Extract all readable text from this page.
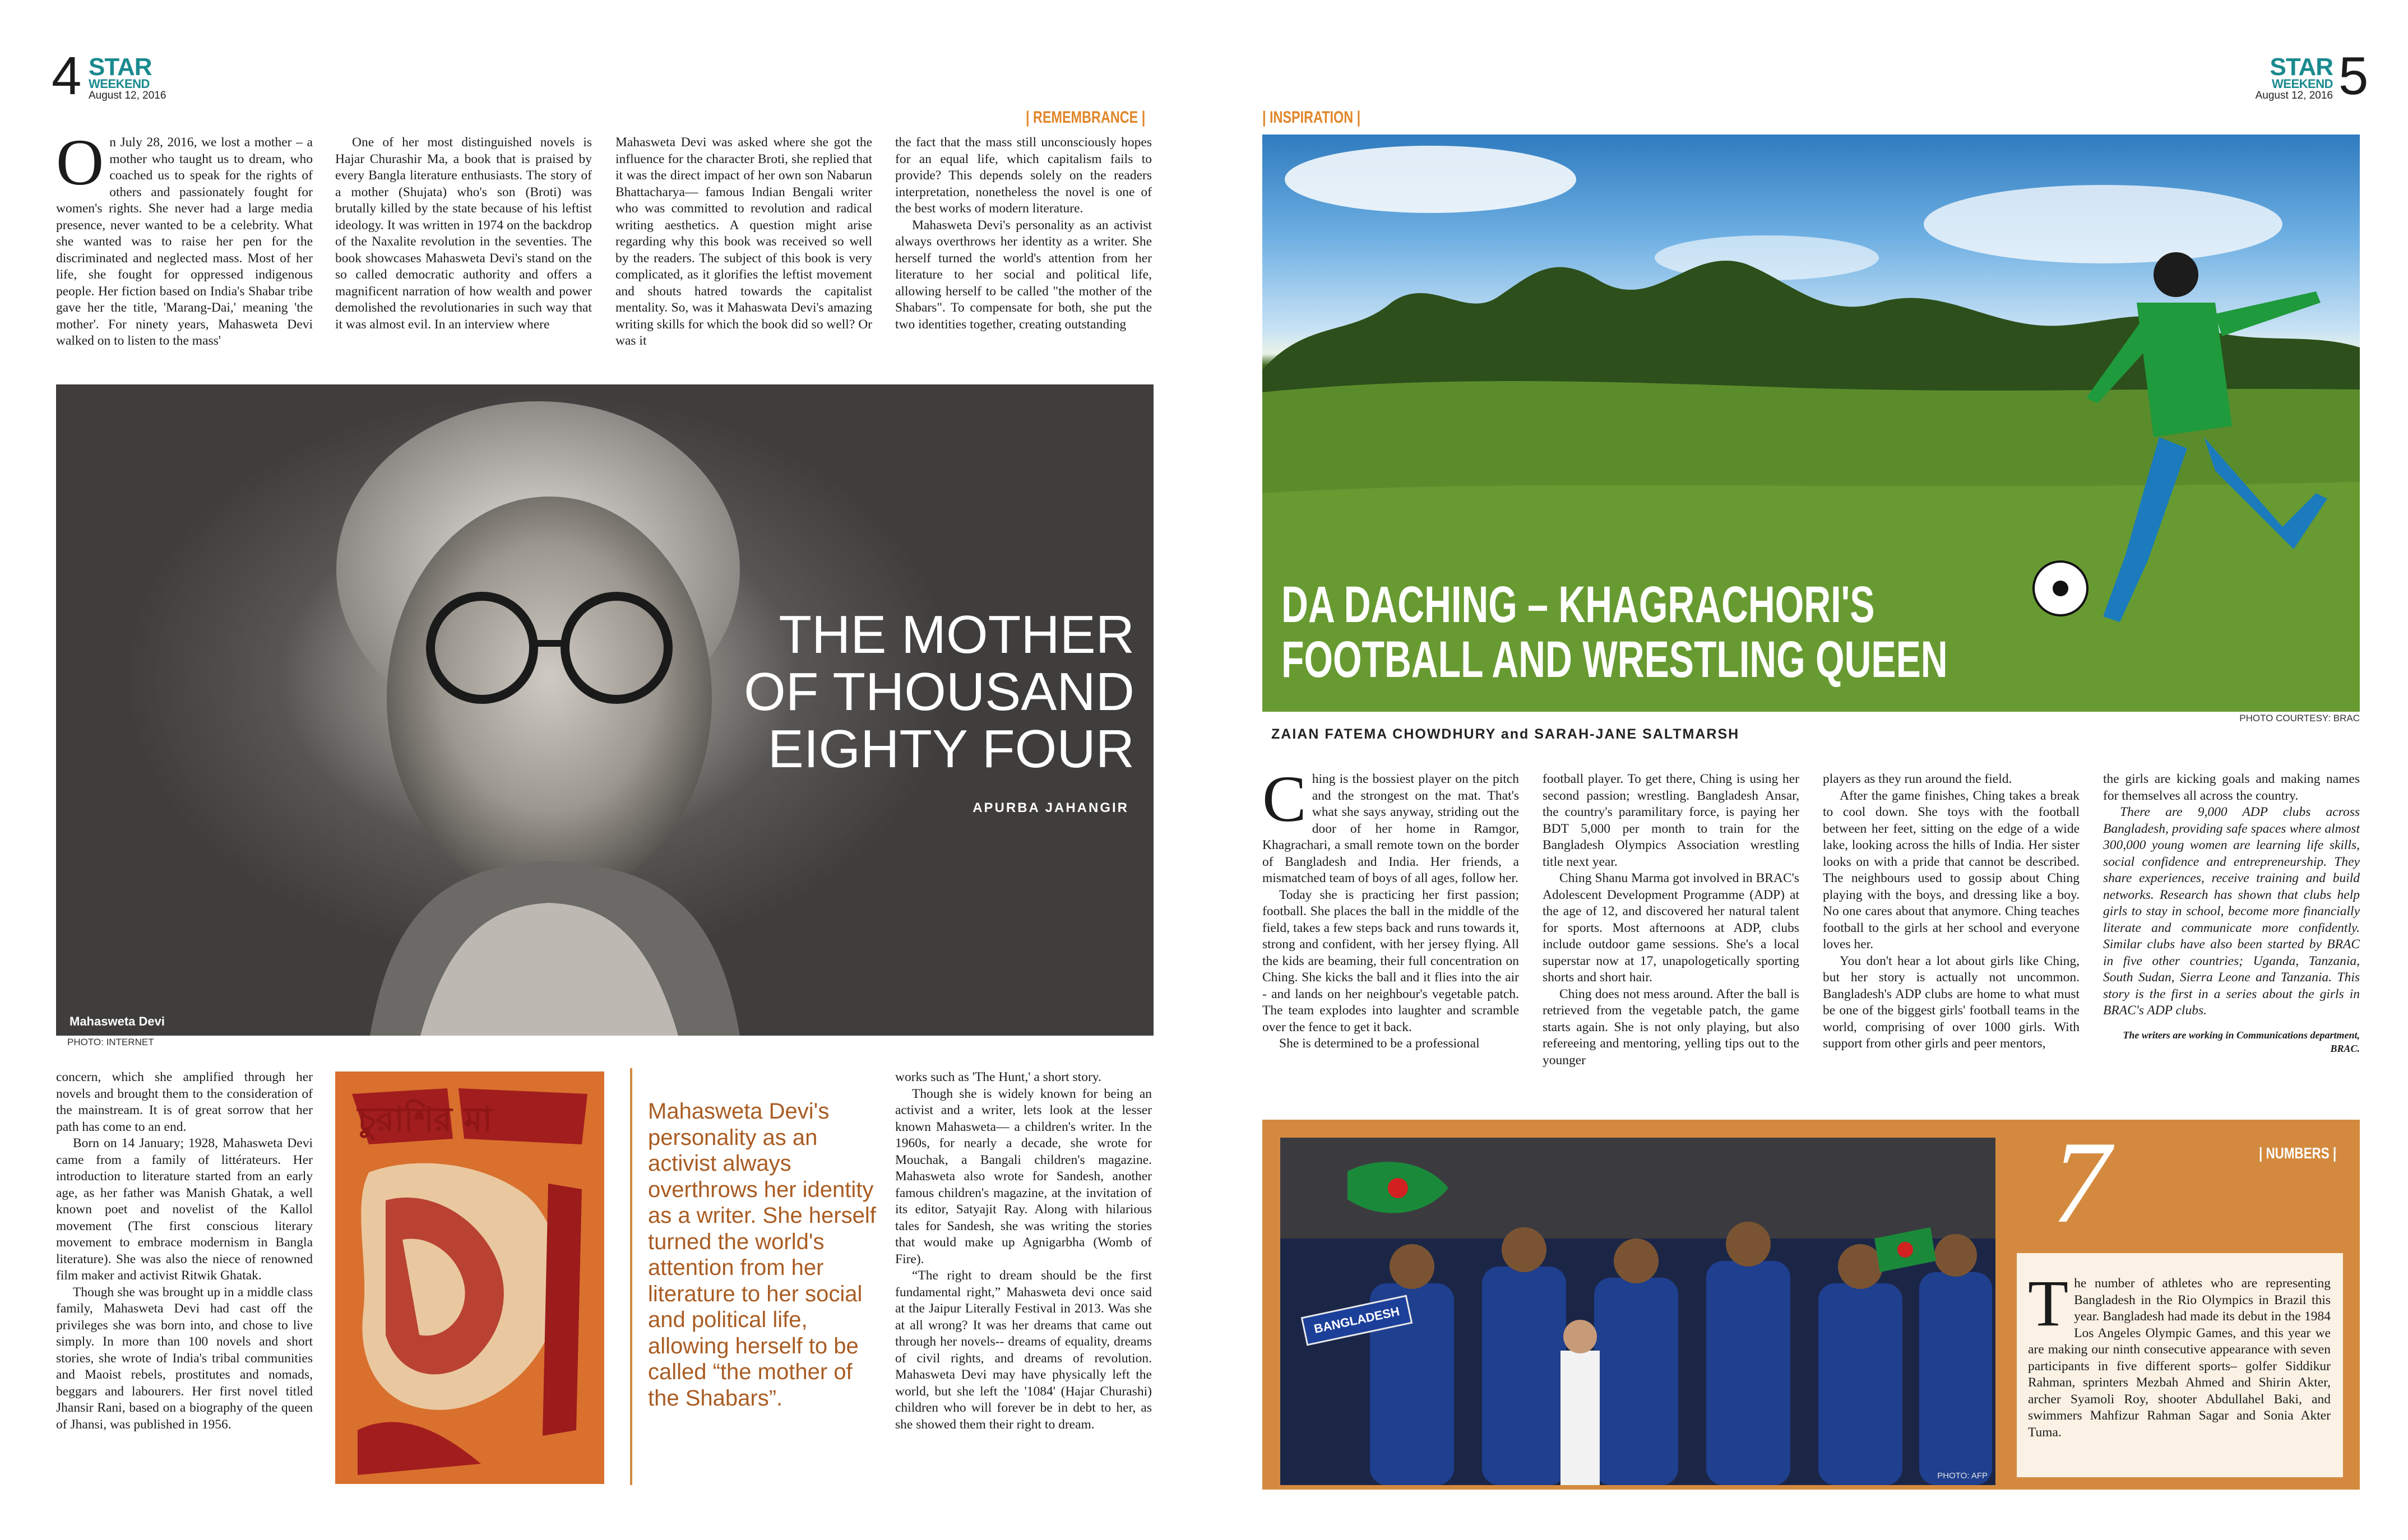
4 STAR
WEEKEND
August 12, 2016
| REMEMBRANCE |

On July 28, 2016, we lost a mother – a mother who taught us to dream, who coached us to speak for the rights of others and passionately fought for women's rights. She never had a large media presence, never wanted to be a celebrity. What she wanted was to raise her pen for the discriminated and neglected mass. Most of her life, she fought for oppressed indigenous people. Her fiction based on India's Shabar tribe gave her the title, 'Marang-Dai,' meaning 'the mother'. For ninety years, Mahasweta Devi walked on to listen to the mass'

One of her most distinguished novels is Hajar Churashir Ma, a book that is praised by every Bangla literature enthusiasts. The story of a mother (Shujata) who's son (Broti) was brutally killed by the state because of his leftist ideology. It was written in 1974 on the backdrop of the Naxalite revolution in the seventies. The book showcases Mahasweta Devi's stand on the so called democratic authority and offers a magnificent narration of how wealth and power demolished the revolutionaries in such way that it was almost evil. In an interview where

Mahasweta Devi was asked where she got the influence for the character Broti, she replied that it was the direct impact of her own son Nabarun Bhattacharya— famous Indian Bengali writer who was committed to revolution and radical writing aesthetics. A question might arise regarding why this book was received so well by the readers. The subject of this book is very complicated, as it glorifies the leftist movement and shouts hatred towards the capitalist mentality. So, was it Mahaswata Devi's amazing writing skills for which the book did so well? Or was it

the fact that the mass still unconsciously hopes for an equal life, which capitalism fails to provide? This depends solely on the readers interpretation, nonetheless the novel is one of the best works of modern literature.

Mahasweta Devi's personality as an activist always overthrows her identity as a writer. She herself turned the world's attention from her literature to her social and political life, allowing herself to be called "the mother of the Shabars". To compensate for both, she put the two identities together, creating outstanding

THE MOTHER
OF THOUSAND
EIGHTY FOUR
APURBA JAHANGIR
Mahasweta Devi
PHOTO: INTERNET

concern, which she amplified through her novels and brought them to the consideration of the mainstream. It is of great sorrow that her path has come to an end.

Born on 14 January; 1928, Mahasweta Devi came from a family of littérateurs. Her introduction to literature started from an early age, as her father was Manish Ghatak, a well known poet and novelist of the Kallol movement (The first conscious literary movement to embrace modernism in Bangla literature). She was also the niece of renowned film maker and activist Ritwik Ghatak.

Though she was brought up in a middle class family, Mahasweta Devi had cast off the privileges she was born into, and chose to live simply. In more than 100 novels and short stories, she wrote of India's tribal communities and Maoist rebels, prostitutes and nomads, beggars and labourers. Her first novel titled Jhansir Rani, based on a biography of the queen of Jhansi, was published in 1956.

চুরাশির মা	Mahasweta Devi's personality as an activist always overthrows her identity as a writer. She herself turned the world's attention from her literature to her social and political life, allowing herself to be called “the mother of the Shabars”.

works such as 'The Hunt,' a short story.

Though she is widely known for being an activist and a writer, lets look at the lesser known Mahasweta— a children's writer. In the 1960s, for nearly a decade, she wrote for Mouchak, a Bangali children's magazine. Mahasweta also wrote for Sandesh, another famous children's magazine, at the invitation of its editor, Satyajit Ray. Along with hilarious tales for Sandesh, she was writing the stories that would make up Agnigarbha (Womb of Fire).

“The right to dream should be the first fundamental right,” Mahasweta devi once said at the Jaipur Literally Festival in 2013. Was she at all wrong? It was her dreams that came out through her novels-- dreams of equality, dreams of civil rights, and dreams of revolution. Mahasweta Devi may have physically left the world, but she left the '1084' (Hajar Churashi) children who will forever be in debt to her, as she showed them their right to dream.

STAR
WEEKEND
August 12, 2016 5
| INSPIRATION |
DA DACHING – KHAGRACHORI'S
FOOTBALL AND WRESTLING QUEEN
PHOTO COURTESY: BRAC
ZAIAN FATEMA CHOWDHURY and SARAH-JANE SALTMARSH

Ching is the bossiest player on the pitch and the strongest on the mat. That's what she says anyway, striding out the door of her home in Ramgor, Khagrachari, a small remote town on the border of Bangladesh and India. Her friends, a mismatched team of boys of all ages, follow her.

Today she is practicing her first passion; football. She places the ball in the middle of the field, takes a few steps back and runs towards it, strong and confident, with her jersey flying. All the kids are beaming, their full concentration on Ching. She kicks the ball and it flies into the air - and lands on her neighbour's vegetable patch. The team explodes into laughter and scramble over the fence to get it back.

She is determined to be a professional

football player. To get there, Ching is using her second passion; wrestling. Bangladesh Ansar, the country's paramilitary force, is paying her BDT 5,000 per month to train for the Bangladesh Olympics Association wrestling title next year.

Ching Shanu Marma got involved in BRAC's Adolescent Development Programme (ADP) at the age of 12, and discovered her natural talent for sports. Most afternoons at ADP, clubs include outdoor game sessions. She's a local superstar now at 17, unapologetically sporting shorts and short hair.

Ching does not mess around. After the ball is retrieved from the vegetable patch, the game starts again. She is not only playing, but also refereeing and mentoring, yelling tips out to the younger

players as they run around the field.

After the game finishes, Ching takes a break to cool down. She toys with the football between her feet, sitting on the edge of a wide lake, looking across the hills of India. Her sister looks on with a pride that cannot be described. The neighbours used to gossip about Ching playing with the boys, and dressing like a boy. No one cares about that anymore. Ching teaches football to the girls at her school and everyone loves her.

You don't hear a lot about girls like Ching, but her story is actually not uncommon. Bangladesh's ADP clubs are home to what must be one of the biggest girls' football teams in the world, comprising of over 1000 girls. With support from other girls and peer mentors,

the girls are kicking goals and making names for themselves all across the country.

There are 9,000 ADP clubs across Bangladesh, providing safe spaces where almost 300,000 young women are learning life skills, social confidence and entrepreneurship. They share experiences, receive training and build networks. Research has shown that clubs help girls to stay in school, become more financially literate and communicate more confidently. Similar clubs have also been started by BRAC in five other countries; Uganda, Tanzania, South Sudan, Sierra Leone and Tanzania. This story is the first in a series about the girls in BRAC's ADP clubs.

The writers are working in Communications department, BRAC.

BANGLADESH
PHOTO: AFP
7	| NUMBERS |

The number of athletes who are representing Bangladesh in the Rio Olympics in Brazil this year. Bangladesh had made its debut in the 1984 Los Angeles Olympic Games, and this year we are making our ninth consecutive appearance with seven participants in five different sports– golfer Siddikur Rahman, sprinters Mezbah Ahmed and Shirin Akter, archer Syamoli Roy, shooter Abdullahel Baki, and swimmers Mahfizur Rahman Sagar and Sonia Akter Tuma.
